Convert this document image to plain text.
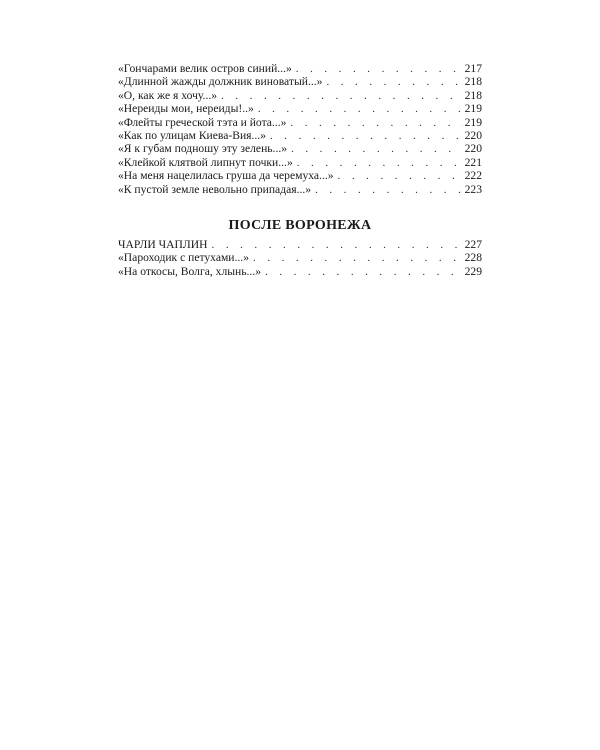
«Гончарами велик остров синий...» . . .	217
«Длинной жажды должник виноватый...» . . .	218
«О, как же я хочу...» . . .	218
«Нереиды мои, нереиды!..» . . .	219
«Флейты греческой тэта и йота...» . . .	219
«Как по улицам Киева-Вия...» . . .	220
«Я к губам подношу эту зелень...» . . .	220
«Клейкой клятвой липнут почки...» . . .	221
«На меня нацелилась груша да черемуха...» . . .	222
«К пустой земле невольно припадая...» . . .	223
ПОСЛЕ ВОРОНЕЖА
ЧАРЛИ ЧАПЛИН . . .	227
«Пароходик с петухами...» . . .	228
«На откосы, Волга, хлынь...» . . .	229
